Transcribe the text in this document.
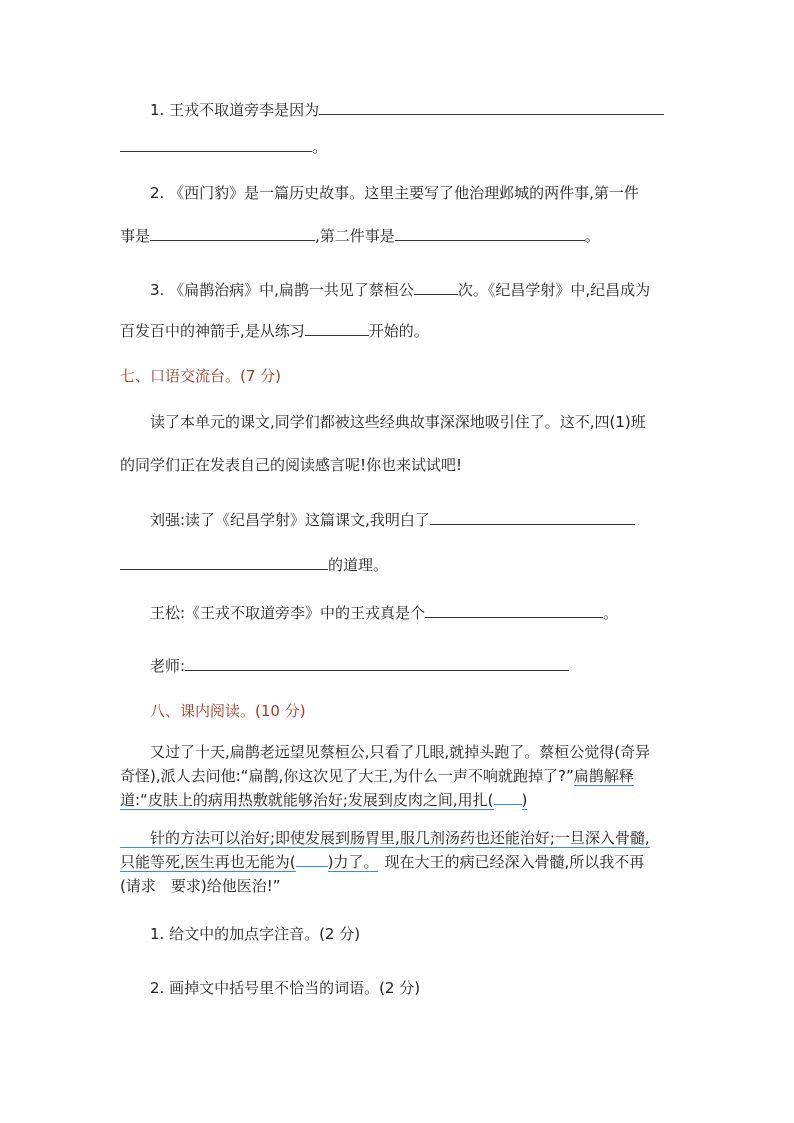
1. 王戎不取道旁李是因为
。
2. 《西门豹》是一篇历史故事。这里主要写了他治理邺城的两件事,第一件
事是	,第二件事是	。
3. 《扁鹊治病》中,扁鹊一共见了蔡桓公	次。《纪昌学射》中,纪昌成为
百发百中的神箭手,是从练习	开始的。
七、口语交流台。(7 分)
读了本单元的课文,同学们都被这些经典故事深深地吸引住了。这不,四(1)班
的同学们正在发表自己的阅读感言呢!你也来试试吧!
刘强:读了《纪昌学射》这篇课文,我明白了
的道理。
王松:《王戎不取道旁李》中的王戎真是个	。
老师:
八、课内阅读。(10 分)
又过了十天,扁鹊老远望见蔡桓公,只看了几眼,就掉头跑了。蔡桓公觉得(奇异
奇怪),派人去问他:“扁鹊,你这次见了大王,为什么一声不响就跑掉了?”扁鹊解释
道:“皮肤上的病用热敷就能够治好;发展到皮肉之间,用扎( )
针的方法可以治好;即使发展到肠胃里,服几剂汤药也还能治好;一旦深入骨髓,
只能等死,医生再也无能为( )力了。 现在大王的病已经深入骨髓,所以我不再
(请求　要求)给他医治!”
1. 给文中的加点字注音。(2 分)
2. 画掉文中括号里不恰当的词语。(2 分)
